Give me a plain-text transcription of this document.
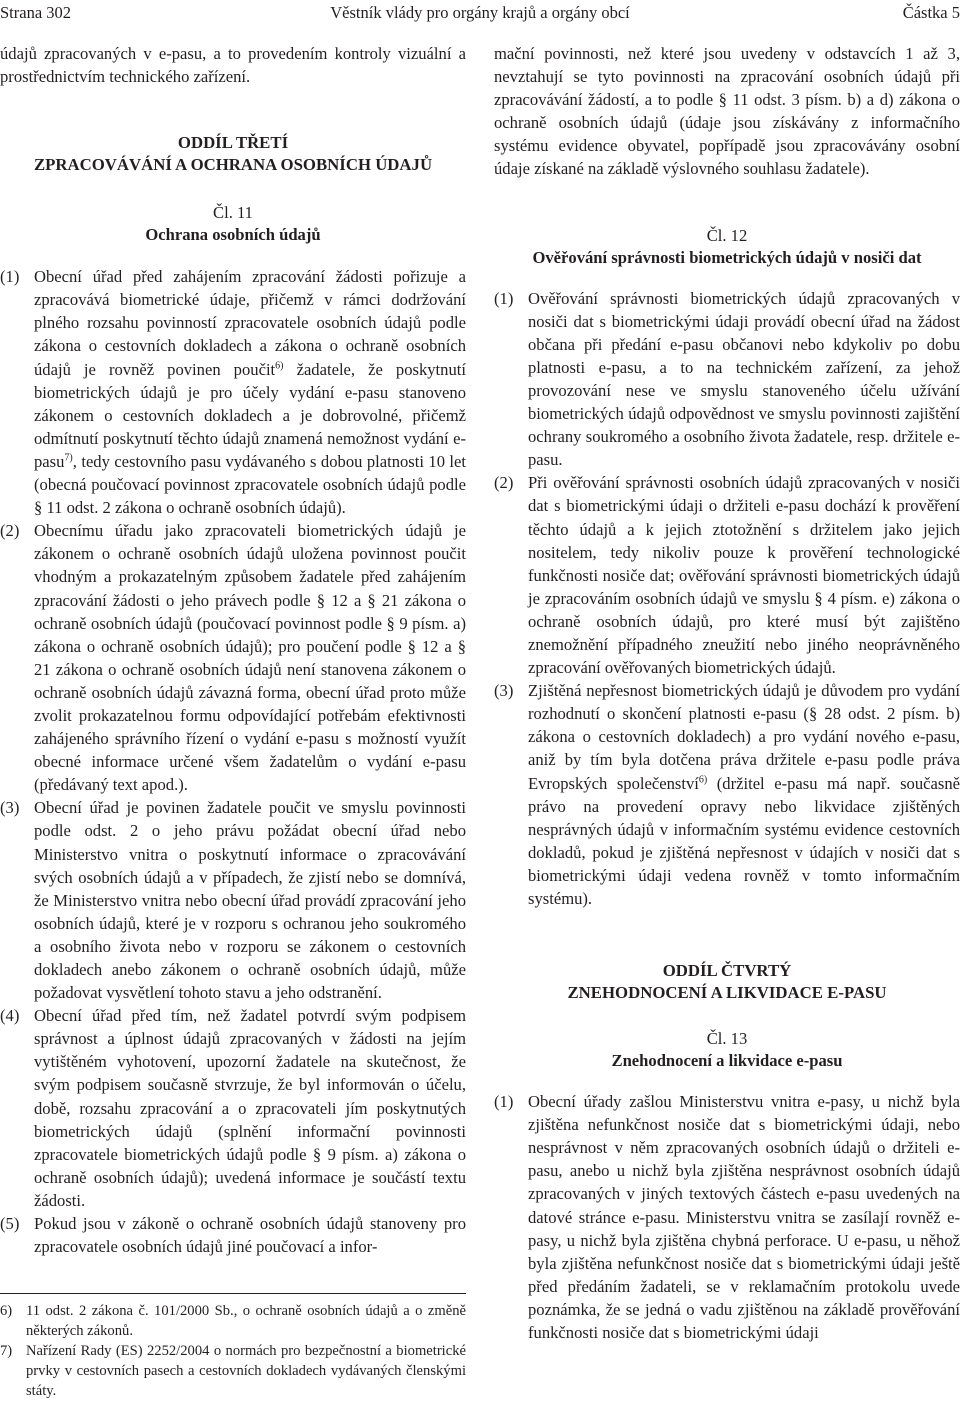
Strana 302	Věstník vlády pro orgány krajů a orgány obcí	Částka 5

údajů zpracovaných v e-pasu, a to provedením kontroly vizuální a prostřednictvím technického zařízení.

ODDÍL TŘETÍ

ZPRACOVÁVÁNÍ A OCHRANA OSOBNÍCH ÚDAJŮ

Čl. 11

Ochrana osobních údajů

(1) Obecní úřad před zahájením zpracování žádosti pořizuje a zpracovává biometrické údaje, přičemž v rámci dodržování plného rozsahu povinností zpracovatele osobních údajů podle zákona o cestovních dokladech a zákona o ochraně osobních údajů je rovněž povinen poučit$^{6)}$ žadatele, že poskytnutí biometrických údajů je pro účely vydání e-pasu stanoveno zákonem o cestovních dokladech a je dobrovolné, přičemž odmítnutí poskytnutí těchto údajů znamená nemožnost vydání e-pasu$^{7)}$, tedy cestovního pasu vydávaného s dobou platnosti 10 let (obecná poučovací povinnost zpracovatele osobních údajů podle § 11 odst. 2 zákona o ochraně osobních údajů).
(2) Obecnímu úřadu jako zpracovateli biometrických údajů je zákonem o ochraně osobních údajů uložena povinnost poučit vhodným a prokazatelným způsobem žadatele před zahájením zpracování žádosti o jeho právech podle § 12 a § 21 zákona o ochraně osobních údajů (poučovací povinnost podle § 9 písm. a) zákona o ochraně osobních údajů); pro poučení podle § 12 a § 21 zákona o ochraně osobních údajů není stanovena zákonem o ochraně osobních údajů závazná forma, obecní úřad proto může zvolit prokazatelnou formu odpovídající potřebám efektivnosti zahájeného správního řízení o vydání e-pasu s možností využít obecné informace určené všem žadatelům o vydání e-pasu (předávaný text apod.).
(3) Obecní úřad je povinen žadatele poučit ve smyslu povinnosti podle odst. 2 o jeho právu požádat obecní úřad nebo Ministerstvo vnitra o poskytnutí informace o zpracovávání svých osobních údajů a v případech, že zjistí nebo se domnívá, že Ministerstvo vnitra nebo obecní úřad provádí zpracování jeho osobních údajů, které je v rozporu s ochranou jeho soukromého a osobního života nebo v rozporu se zákonem o cestovních dokladech anebo zákonem o ochraně osobních údajů, může požadovat vysvětlení tohoto stavu a jeho odstranění.
(4) Obecní úřad před tím, než žadatel potvrdí svým podpisem správnost a úplnost údajů zpracovaných v žádosti na jejím vytištěném vyhotovení, upozorní žadatele na skutečnost, že svým podpisem současně stvrzuje, že byl informován o účelu, době, rozsahu zpracování a o zpracovateli jím poskytnutých biometrických údajů (splnění informační povinnosti zpracovatele biometrických údajů podle § 9 písm. a) zákona o ochraně osobních údajů); uvedená informace je součástí textu žádosti.
(5) Pokud jsou v zákoně o ochraně osobních údajů stanoveny pro zpracovatele osobních údajů jiné poučovací a infor-
6) 11 odst. 2 zákona č. 101/2000 Sb., o ochraně osobních údajů a o změně některých zákonů.
7) Nařízení Rady (ES) 2252/2004 o normách pro bezpečnostní a biometrické prvky v cestovních pasech a cestovních dokladech vydávaných členskými státy.

mační povinnosti, než které jsou uvedeny v odstavcích 1 až 3, nevztahují se tyto povinnosti na zpracování osobních údajů při zpracovávání žádostí, a to podle § 11 odst. 3 písm. b) a d) zákona o ochraně osobních údajů (údaje jsou získávány z informačního systému evidence obyvatel, popřípadě jsou zpracovávány osobní údaje získané na základě výslovného souhlasu žadatele).

Čl. 12

Ověřování správnosti biometrických údajů v nosiči dat

(1) Ověřování správnosti biometrických údajů zpracovaných v nosiči dat s biometrickými údaji provádí obecní úřad na žádost občana při předání e-pasu občanovi nebo kdykoliv po dobu platnosti e-pasu, a to na technickém zařízení, za jehož provozování nese ve smyslu stanoveného účelu užívání biometrických údajů odpovědnost ve smyslu povinnosti zajištění ochrany soukromého a osobního života žadatele, resp. držitele e-pasu.
(2) Při ověřování správnosti osobních údajů zpracovaných v nosiči dat s biometrickými údaji o držiteli e-pasu dochází k prověření těchto údajů a k jejich ztotožnění s držitelem jako jejich nositelem, tedy nikoliv pouze k prověření technologické funkčnosti nosiče dat; ověřování správnosti biometrických údajů je zpracováním osobních údajů ve smyslu § 4 písm. e) zákona o ochraně osobních údajů, pro které musí být zajištěno znemožnění případného zneužití nebo jiného neoprávněného zpracování ověřovaných biometrických údajů.
(3) Zjištěná nepřesnost biometrických údajů je důvodem pro vydání rozhodnutí o skončení platnosti e-pasu (§ 28 odst. 2 písm. b) zákona o cestovních dokladech) a pro vydání nového e-pasu, aniž by tím byla dotčena práva držitele e-pasu podle práva Evropských společenství$^{6)}$ (držitel e-pasu má např. současně právo na provedení opravy nebo likvidace zjištěných nesprávných údajů v informačním systému evidence cestovních dokladů, pokud je zjištěná nepřesnost v údajích v nosiči dat s biometrickými údaji vedena rovněž v tomto informačním systému).

ODDÍL ČTVRTÝ

ZNEHODNOCENÍ A LIKVIDACE E-PASU

Čl. 13

Znehodnocení a likvidace e-pasu

(1) Obecní úřady zašlou Ministerstvu vnitra e-pasy, u nichž byla zjištěna nefunkčnost nosiče dat s biometrickými údaji, nebo nesprávnost v něm zpracovaných osobních údajů o držiteli e-pasu, anebo u nichž byla zjištěna nesprávnost osobních údajů zpracovaných v jiných textových částech e-pasu uvedených na datové stránce e-pasu. Ministerstvu vnitra se zasílají rovněž e-pasy, u nichž byla zjištěna chybná perforace. U e-pasu, u něhož byla zjištěna nefunkčnost nosiče dat s biometrickými údaji ještě před předáním žadateli, se v reklamačním protokolu uvede poznámka, že se jedná o vadu zjištěnou na základě prověřování funkčnosti nosiče dat s biometrickými údaji
